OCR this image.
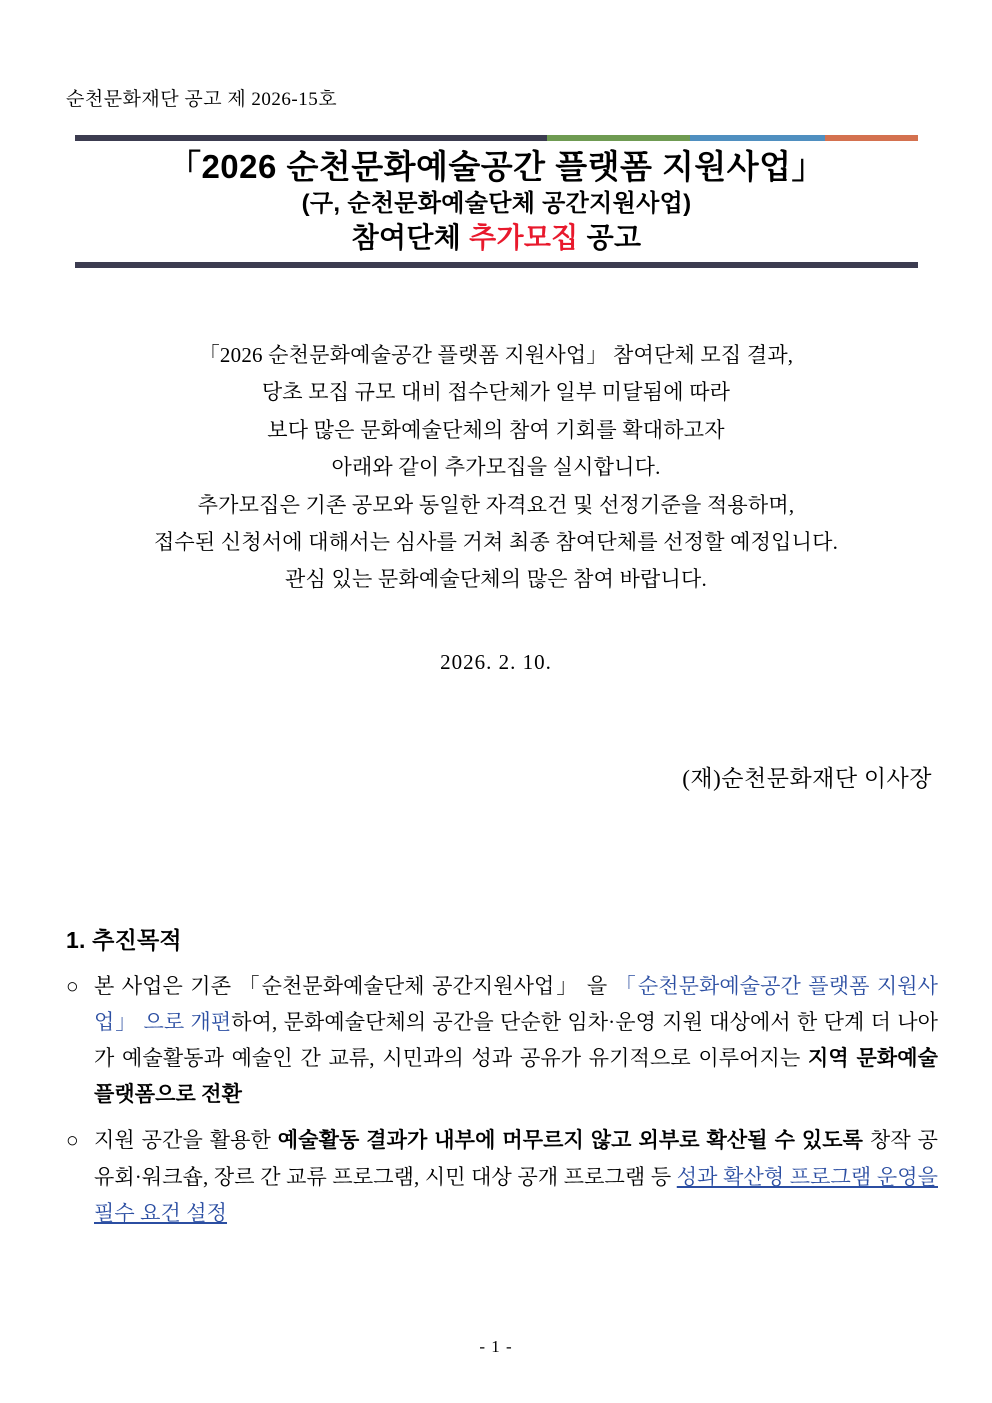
순천문화재단 공고 제 2026-15호
「2026 순천문화예술공간 플랫폼 지원사업」
(구, 순천문화예술단체 공간지원사업)
참여단체 추가모집 공고
「2026 순천문화예술공간 플랫폼 지원사업」 참여단체 모집 결과,
당초 모집 규모 대비 접수단체가 일부 미달됨에 따라
보다 많은 문화예술단체의 참여 기회를 확대하고자
아래와 같이 추가모집을 실시합니다.
추가모집은 기존 공모와 동일한 자격요건 및 선정기준을 적용하며,
접수된 신청서에 대해서는 심사를 거쳐 최종 참여단체를 선정할 예정입니다.
관심 있는 문화예술단체의 많은 참여 바랍니다.
2026. 2. 10.
(재)순천문화재단 이사장
1. 추진목적
○ 본 사업은 기존 「순천문화예술단체 공간지원사업」 을 「순천문화예술공간 플랫폼 지원사업」 으로 개편하여, 문화예술단체의 공간을 단순한 임차·운영 지원 대상에서 한 단계 더 나아가 예술활동과 예술인 간 교류, 시민과의 성과 공유가 유기적으로 이루어지는 지역 문화예술 플랫폼으로 전환
○ 지원 공간을 활용한 예술활동 결과가 내부에 머무르지 않고 외부로 확산될 수 있도록 창작 공유회·워크숍, 장르 간 교류 프로그램, 시민 대상 공개 프로그램 등 성과 확산형 프로그램 운영을 필수 요건 설정
- 1 -
